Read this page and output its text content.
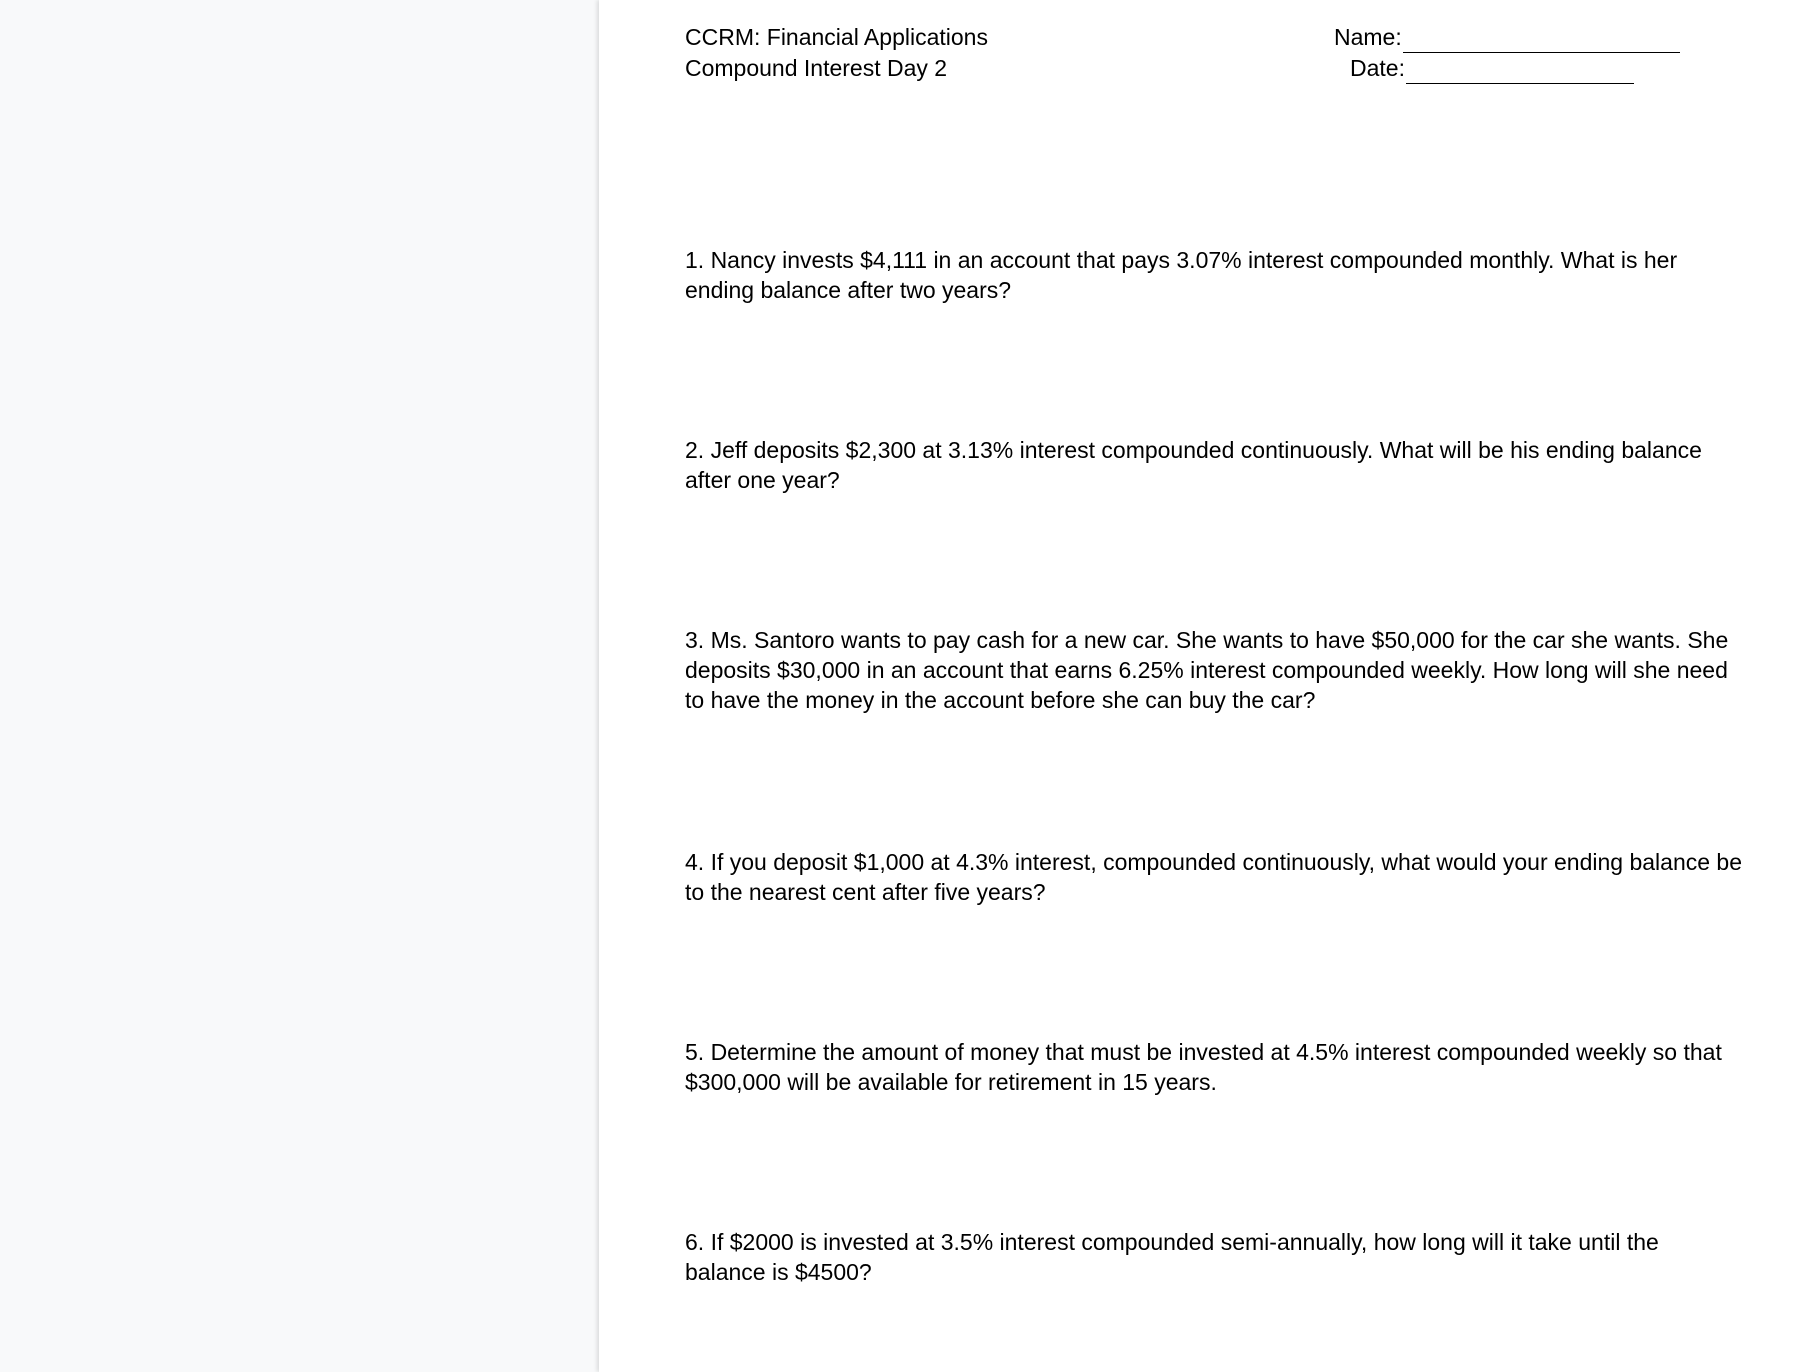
CCRM: Financial Applications
Compound Interest Day 2
Name:
Date:
1. Nancy invests $4,111 in an account that pays 3.07% interest compounded monthly. What is her ending balance after two years?
2. Jeff deposits $2,300 at 3.13% interest compounded continuously. What will be his ending balance after one year?
3. Ms. Santoro wants to pay cash for a new car. She wants to have $50,000 for the car she wants. She deposits $30,000 in an account that earns 6.25% interest compounded weekly. How long will she need to have the money in the account before she can buy the car?
4. If you deposit $1,000 at 4.3% interest, compounded continuously, what would your ending balance be to the nearest cent after five years?
5. Determine the amount of money that must be invested at 4.5% interest compounded weekly so that $300,000 will be available for retirement in 15 years.
6. If $2000 is invested at 3.5% interest compounded semi-annually, how long will it take until the balance is $4500?
